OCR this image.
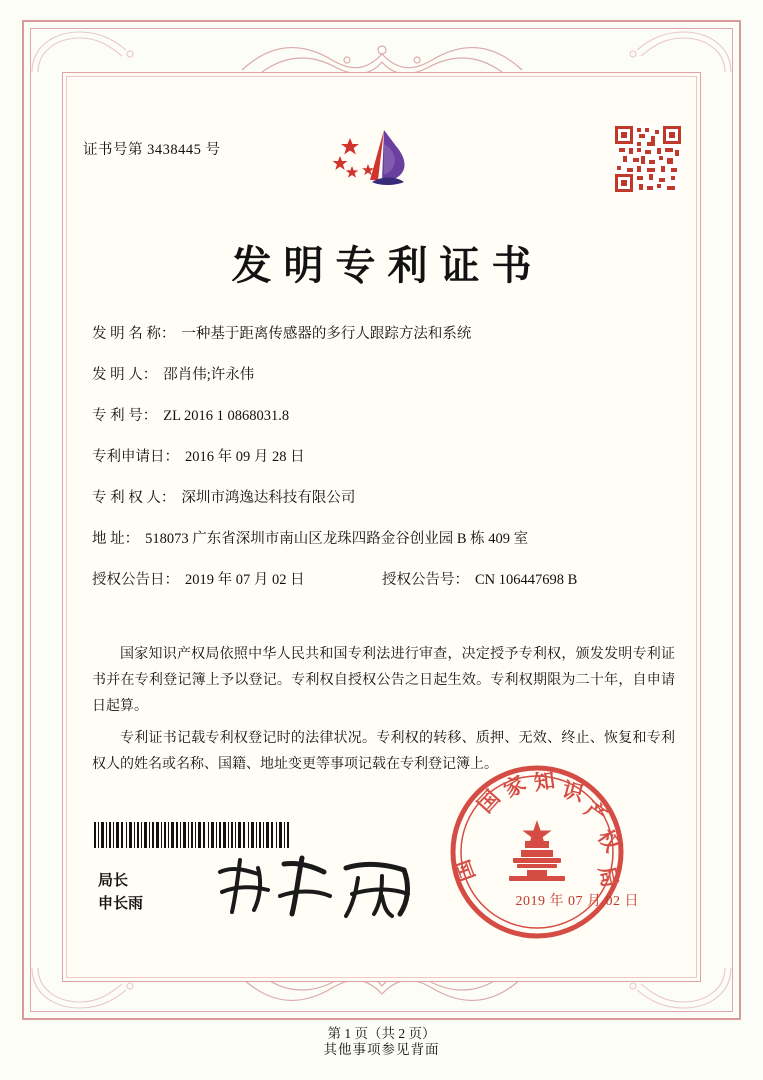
证书号第 3438445 号
发明专利证书
发 明 名 称： 一种基于距离传感器的多行人跟踪方法和系统
发 明 人： 邵肖伟;许永伟
专 利 号： ZL 2016 1 0868031.8
专利申请日： 2016 年 09 月 28 日
专 利 权 人： 深圳市鸿逸达科技有限公司
地 址： 518073 广东省深圳市南山区龙珠四路金谷创业园 B 栋 409 室
授权公告日： 2019 年 07 月 02 日	授权公告号： CN 106447698 B

国家知识产权局依照中华人民共和国专利法进行审查，决定授予专利权，颁发发明专利证书并在专利登记簿上予以登记。专利权自授权公告之日起生效。专利权期限为二十年，自申请日起算。

专利证书记载专利权登记时的法律状况。专利权的转移、质押、无效、终止、恢复和专利权人的姓名或名称、国籍、地址变更等事项记载在专利登记簿上。

局长
申长雨
国
家 知 识
产
权
局
国
2019 年 07 月 02 日
第 1 页（共 2 页）
其他事项参见背面
